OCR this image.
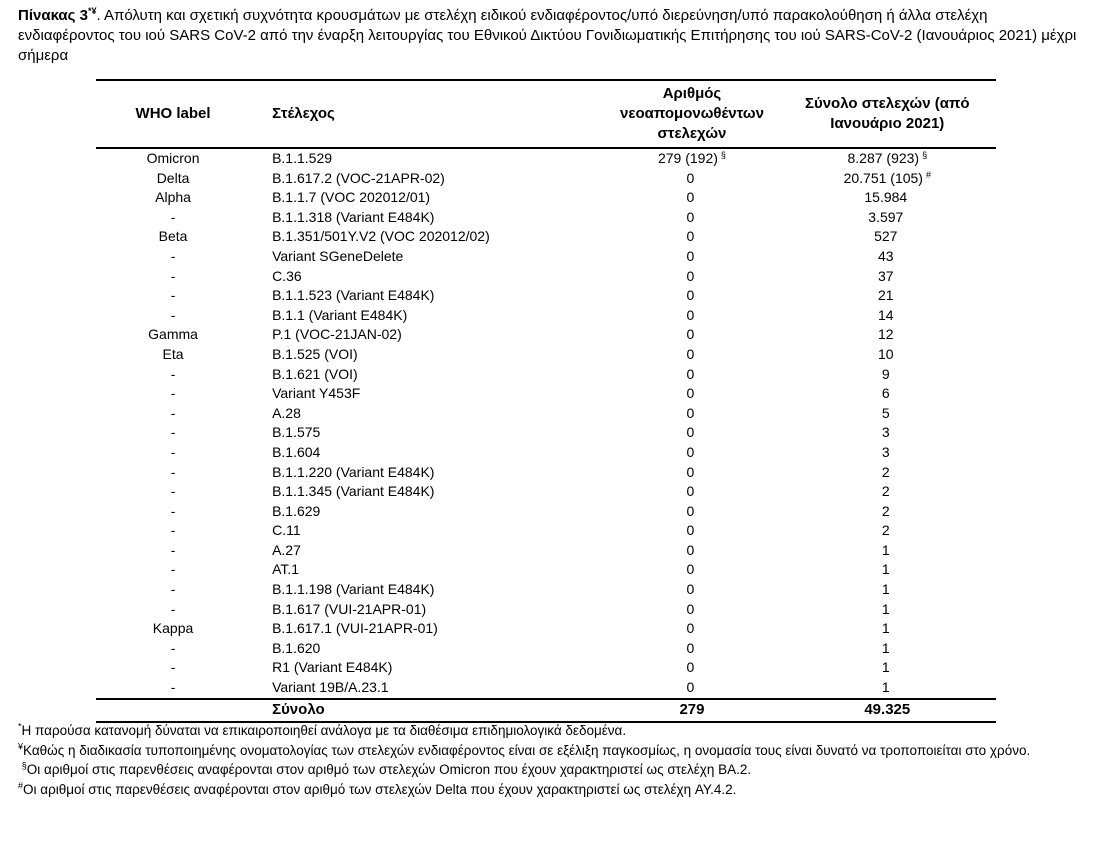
Πίνακας 3*¥. Απόλυτη και σχετική συχνότητα κρουσμάτων με στελέχη ειδικού ενδιαφέροντος/υπό διερεύνηση/υπό παρακολούθηση ή άλλα στελέχη ενδιαφέροντος του ιού SARS CoV-2 από την έναρξη λειτουργίας του Εθνικού Δικτύου Γονιδιωματικής Επιτήρησης του ιού SARS-CoV-2 (Ιανουάριος 2021) μέχρι σήμερα
WHO label	Στέλεχος	Αριθμός νεοαπομονωθέντων στελεχών	Σύνολο στελεχών (από Ιανουάριο 2021)
Omicron	B.1.1.529	279 (192) §	8.287 (923) §
Delta	B.1.617.2 (VOC-21APR-02)	0	20.751 (105) #
Alpha	B.1.1.7 (VOC 202012/01)	0	15.984
-	B.1.1.318 (Variant E484K)	0	3.597
Beta	B.1.351/501Y.V2 (VOC 202012/02)	0	527
-	Variant SGeneDelete	0	43
-	C.36	0	37
-	B.1.1.523 (Variant E484K)	0	21
-	B.1.1 (Variant E484K)	0	14
Gamma	P.1 (VOC-21JAN-02)	0	12
Eta	B.1.525 (VOI)	0	10
-	B.1.621 (VOI)	0	9
-	Variant Y453F	0	6
-	A.28	0	5
-	B.1.575	0	3
-	B.1.604	0	3
-	B.1.1.220 (Variant E484K)	0	2
-	B.1.1.345 (Variant E484K)	0	2
-	B.1.629	0	2
-	C.11	0	2
-	A.27	0	1
-	AT.1	0	1
-	B.1.1.198 (Variant E484K)	0	1
-	B.1.617 (VUI-21APR-01)	0	1
Kappa	B.1.617.1 (VUI-21APR-01)	0	1
-	B.1.620	0	1
-	R1 (Variant E484K)	0	1
-	Variant 19B/A.23.1	0	1
	Σύνολο	279	49.325

*Η παρούσα κατανομή δύναται να επικαιροποιηθεί ανάλογα με τα διαθέσιμα επιδημιολογικά δεδομένα.

¥Καθώς η διαδικασία τυποποιημένης ονοματολογίας των στελεχών ενδιαφέροντος είναι σε εξέλιξη παγκοσμίως, η ονομασία τους είναι δυνατό να τροποποιείται στο χρόνο.

§Οι αριθμοί στις παρενθέσεις αναφέρονται στον αριθμό των στελεχών Omicron που έχουν χαρακτηριστεί ως στελέχη BA.2.

#Οι αριθμοί στις παρενθέσεις αναφέρονται στον αριθμό των στελεχών Delta που έχουν χαρακτηριστεί ως στελέχη AY.4.2.
